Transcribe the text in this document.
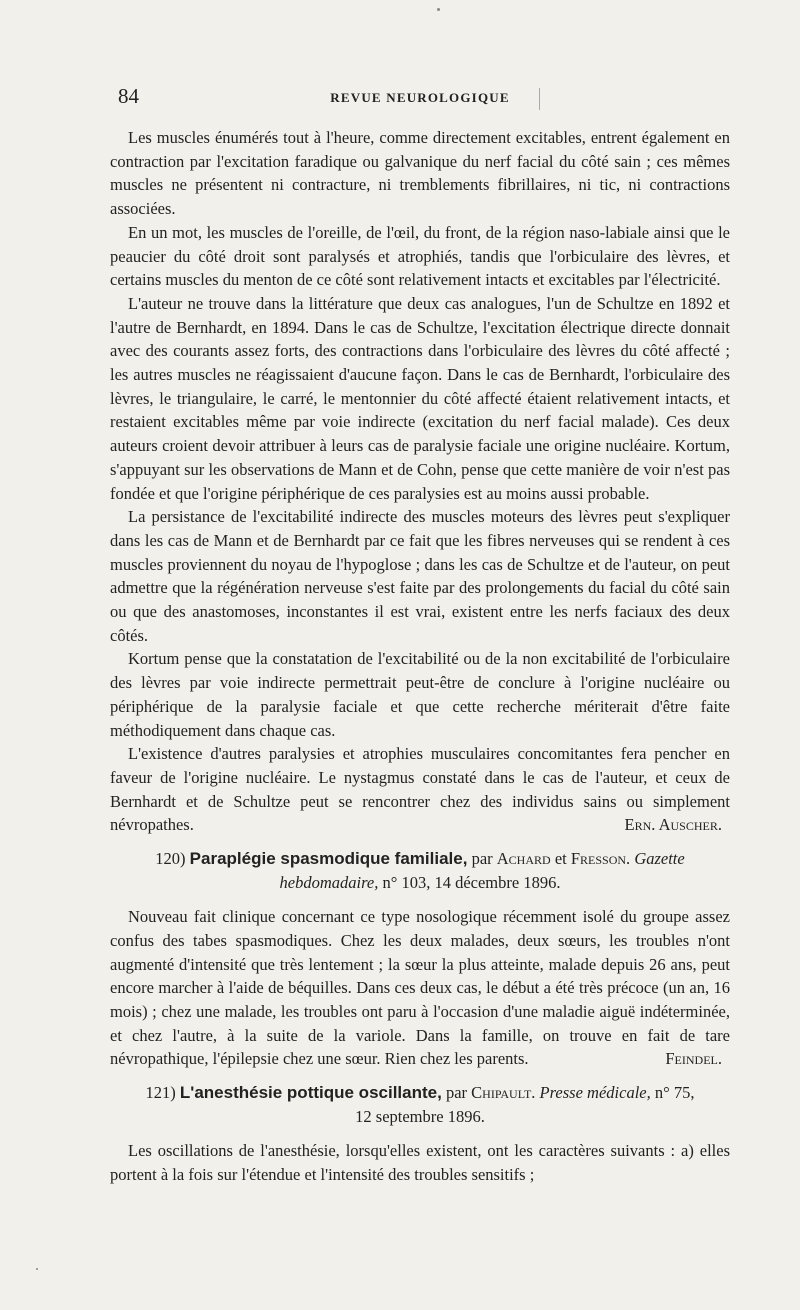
84	REVUE NEUROLOGIQUE

Les muscles énumérés tout à l'heure, comme directement excitables, entrent également en contraction par l'excitation faradique ou galvanique du nerf facial du côté sain ; ces mêmes muscles ne présentent ni contracture, ni tremblements fibrillaires, ni tic, ni contractions associées.

En un mot, les muscles de l'oreille, de l'œil, du front, de la région naso-labiale ainsi que le peaucier du côté droit sont paralysés et atrophiés, tandis que l'orbiculaire des lèvres, et certains muscles du menton de ce côté sont relativement intacts et excitables par l'électricité.

L'auteur ne trouve dans la littérature que deux cas analogues, l'un de Schultze en 1892 et l'autre de Bernhardt, en 1894. Dans le cas de Schultze, l'excitation électrique directe donnait avec des courants assez forts, des contractions dans l'orbiculaire des lèvres du côté affecté ; les autres muscles ne réagissaient d'aucune façon. Dans le cas de Bernhardt, l'orbiculaire des lèvres, le triangulaire, le carré, le mentonnier du côté affecté étaient relativement intacts, et restaient excitables même par voie indirecte (excitation du nerf facial malade). Ces deux auteurs croient devoir attribuer à leurs cas de paralysie faciale une origine nucléaire. Kortum, s'appuyant sur les observations de Mann et de Cohn, pense que cette manière de voir n'est pas fondée et que l'origine périphérique de ces paralysies est au moins aussi probable.

La persistance de l'excitabilité indirecte des muscles moteurs des lèvres peut s'expliquer dans les cas de Mann et de Bernhardt par ce fait que les fibres nerveuses qui se rendent à ces muscles proviennent du noyau de l'hypoglose ; dans les cas de Schultze et de l'auteur, on peut admettre que la régénération nerveuse s'est faite par des prolongements du facial du côté sain ou que des anastomoses, inconstantes il est vrai, existent entre les nerfs faciaux des deux côtés.

Kortum pense que la constatation de l'excitabilité ou de la non excitabilité de l'orbiculaire des lèvres par voie indirecte permettrait peut-être de conclure à l'origine nucléaire ou périphérique de la paralysie faciale et que cette recherche mériterait d'être faite méthodiquement dans chaque cas.

L'existence d'autres paralysies et atrophies musculaires concomitantes fera pencher en faveur de l'origine nucléaire. Le nystagmus constaté dans le cas de l'auteur, et ceux de Bernhardt et de Schultze peut se rencontrer chez des individus sains ou simplement névropathes.	Ern. Auscher.

120) Paraplégie spasmodique familiale, par Achard et Fresson. Gazette hebdomadaire, n° 103, 14 décembre 1896.

Nouveau fait clinique concernant ce type nosologique récemment isolé du groupe assez confus des tabes spasmodiques. Chez les deux malades, deux sœurs, les troubles n'ont augmenté d'intensité que très lentement ; la sœur la plus atteinte, malade depuis 26 ans, peut encore marcher à l'aide de béquilles. Dans ces deux cas, le début a été très précoce (un an, 16 mois) ; chez une malade, les troubles ont paru à l'occasion d'une maladie aiguë indéterminée, et chez l'autre, à la suite de la variole. Dans la famille, on trouve en fait de tare névropathique, l'épilepsie chez une sœur. Rien chez les parents.	Feindel.

121) L'anesthésie pottique oscillante, par Chipault. Presse médicale, n° 75,
12 septembre 1896.

Les oscillations de l'anesthésie, lorsqu'elles existent, ont les caractères suivants : a) elles portent à la fois sur l'étendue et l'intensité des troubles sensitifs ;
